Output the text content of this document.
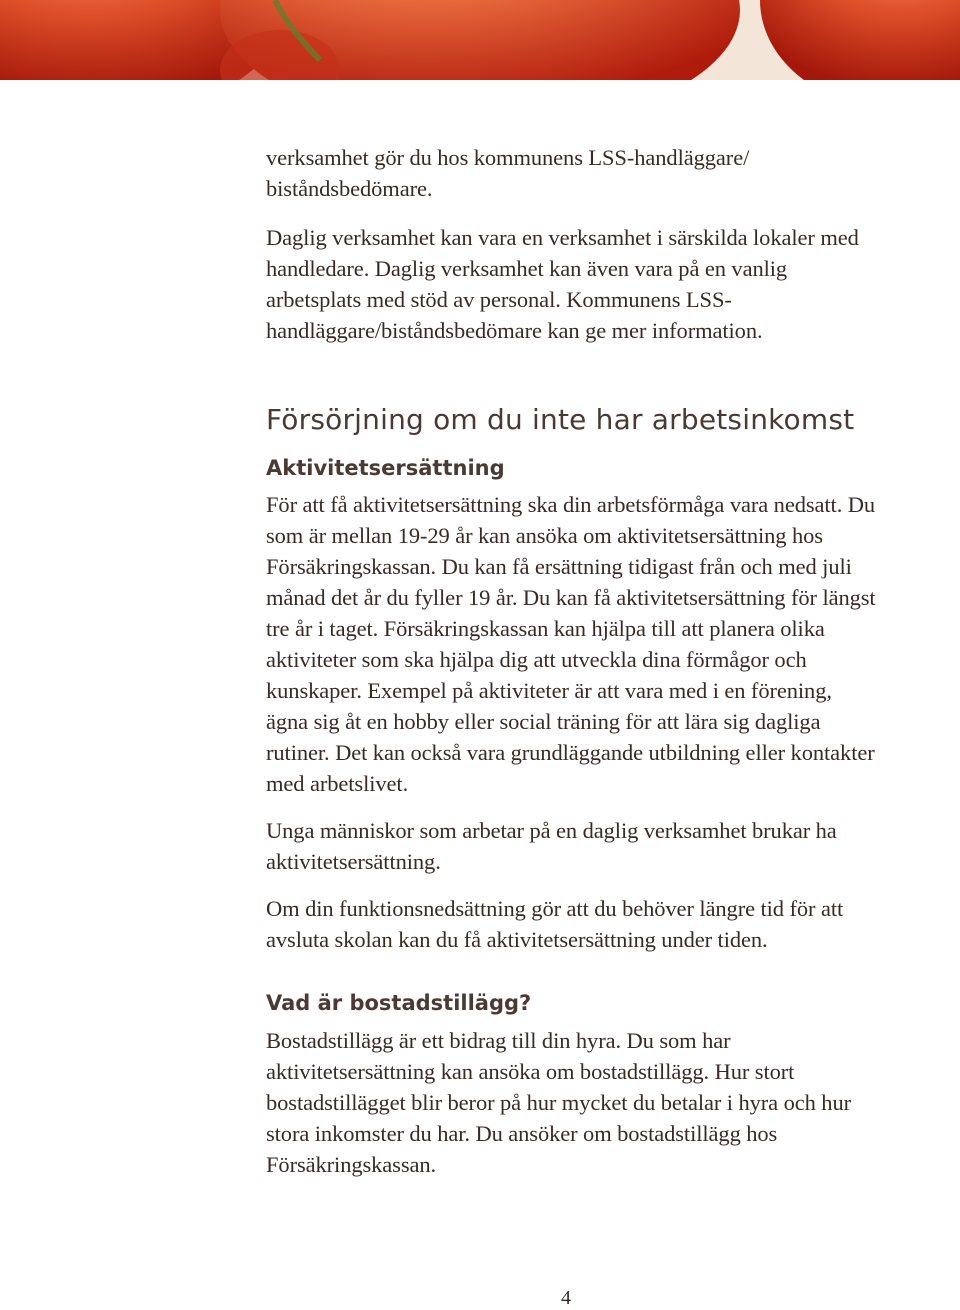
verksamhet gör du hos kommunens LSS-handläggare/ biståndsbedömare.

Daglig verksamhet kan vara en verksamhet i särskilda lokaler med handledare. Daglig verksamhet kan även vara på en vanlig arbetsplats med stöd av personal. Kommunens LSS-handläggare/biståndsbedömare kan ge mer information.

Försörjning om du inte har arbetsinkomst
Aktivitetsersättning

För att få aktivitetsersättning ska din arbetsförmåga vara nedsatt. Du som är mellan 19-29 år kan ansöka om aktivitetsersättning hos Försäkringskassan. Du kan få ersättning tidigast från och med juli månad det år du fyller 19 år. Du kan få aktivitetsersättning för längst tre år i taget. Försäkringskassan kan hjälpa till att planera olika aktiviteter som ska hjälpa dig att utveckla dina förmågor och kunskaper. Exempel på aktiviteter är att vara med i en förening, ägna sig åt en hobby eller social träning för att lära sig dagliga rutiner. Det kan också vara grundläggande utbildning eller kontakter med arbetslivet.

Unga människor som arbetar på en daglig verksamhet brukar ha aktivitetsersättning.

Om din funktionsnedsättning gör att du behöver längre tid för att avsluta skolan kan du få aktivitetsersättning under tiden.

Vad är bostadstillägg?

Bostadstillägg är ett bidrag till din hyra. Du som har aktivitetsersättning kan ansöka om bostadstillägg. Hur stort bostadstillägget blir beror på hur mycket du betalar i hyra och hur stora inkomster du har. Du ansöker om bostadstillägg hos Försäkringskassan.

4
